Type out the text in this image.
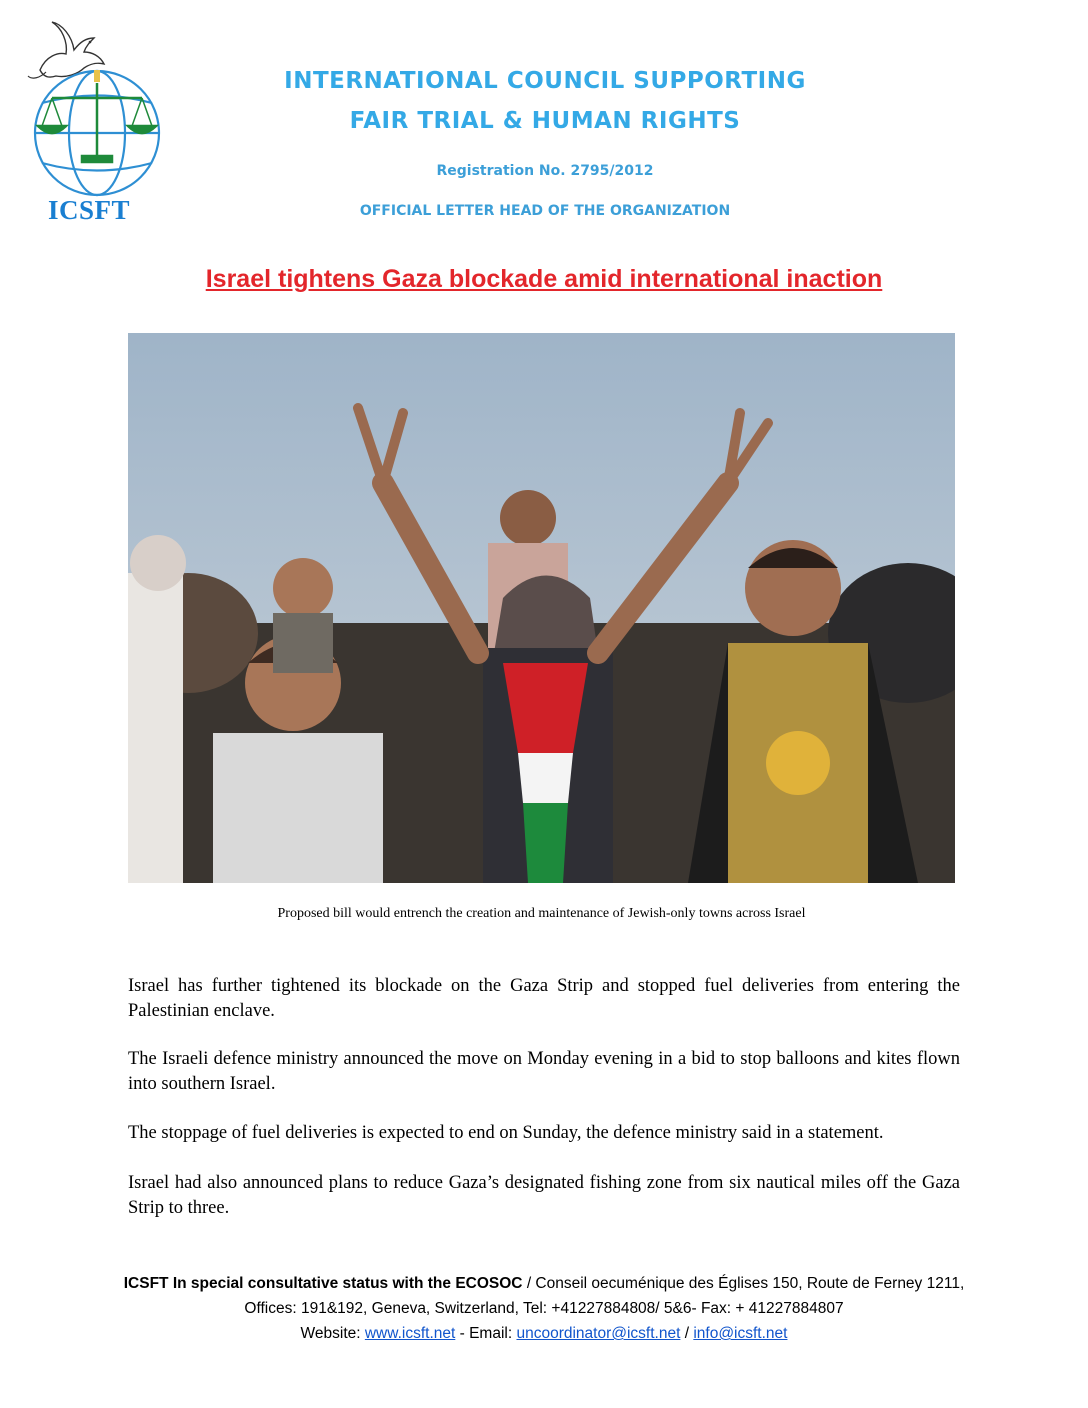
ICSFT
INTERNATIONAL COUNCIL SUPPORTING
FAIR TRIAL & HUMAN RIGHTS
Registration No. 2795/2012
OFFICIAL LETTER HEAD OF THE ORGANIZATION
Israel tightens Gaza blockade amid international inaction
Proposed bill would entrench the creation and maintenance of Jewish-only towns across Israel
Israel has further tightened its blockade on the Gaza Strip and stopped fuel deliveries from entering the Palestinian enclave.
The Israeli defence ministry announced the move on Monday evening in a bid to stop balloons and kites flown into southern Israel.
The stoppage of fuel deliveries is expected to end on Sunday, the defence ministry said in a statement.
Israel had also announced plans to reduce Gaza’s designated fishing zone from six nautical miles off the Gaza Strip to three.
ICSFT In special consultative status with the ECOSOC / Conseil oecuménique des Églises 150, Route de Ferney 1211, Offices: 191&192, Geneva, Switzerland, Tel: +41227884808/ 5&6- Fax: + 41227884807
Website: www.icsft.net - Email: uncoordinator@icsft.net / info@icsft.net
